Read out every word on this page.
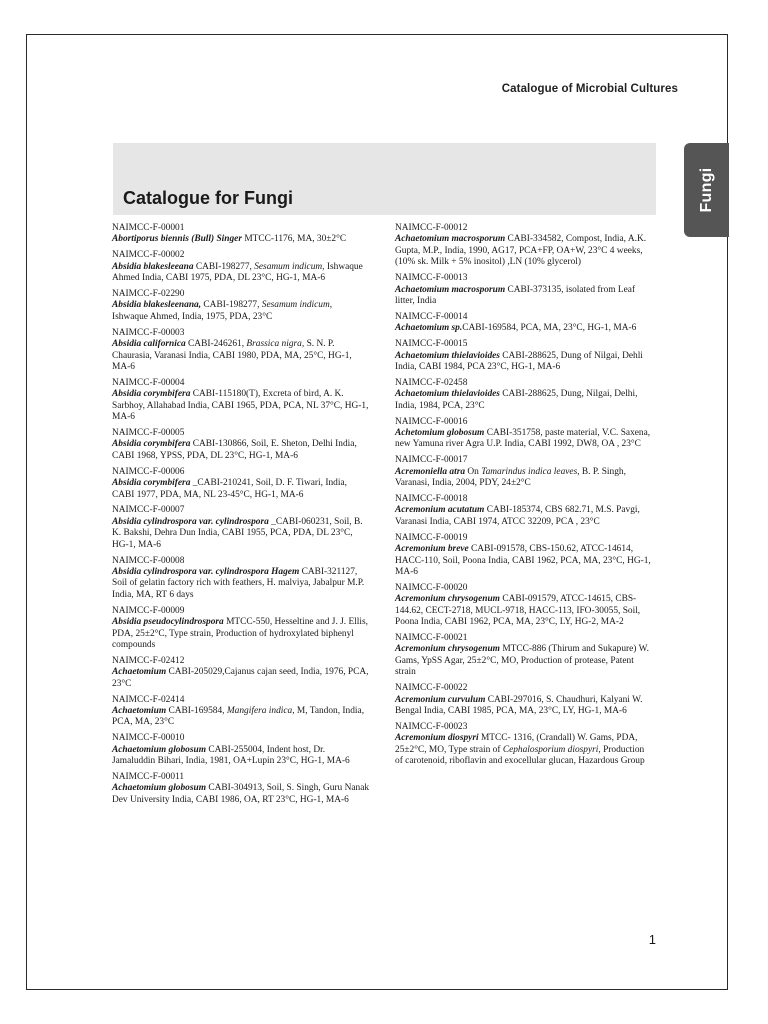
Catalogue of Microbial Cultures
Catalogue for Fungi	Fungi
NAIMCC-F-00001
Abortiporus biennis (Bull) Singer MTCC-1176, MA, 30±2°C
NAIMCC-F-00002
Absidia blakesleeana CABI-198277, Sesamum indicum, Ishwaque Ahmed India, CABI 1975, PDA, DL 23°C, HG-1, MA-6
NAIMCC-F-02290
Absidia blakesleenana, CABI-198277, Sesamum indicum, Ishwaque Ahmed, India, 1975, PDA, 23°C
NAIMCC-F-00003
Absidia californica CABI-246261, Brassica nigra, S. N. P. Chaurasia, Varanasi India, CABI 1980, PDA, MA, 25°C, HG-1, MA-6
NAIMCC-F-00004
Absidia corymbifera CABI-115180(T), Excreta of bird, A. K. Sarbhoy, Allahabad India, CABI 1965, PDA, PCA, NL 37°C, HG-1, MA-6
NAIMCC-F-00005
Absidia corymbifera CABI-130866, Soil, E. Sheton, Delhi India, CABI 1968, YPSS, PDA, DL 23°C, HG-1, MA-6
NAIMCC-F-00006
Absidia corymbifera _CABI-210241, Soil, D. F. Tiwari, India, CABI 1977, PDA, MA, NL 23-45°C, HG-1, MA-6
NAIMCC-F-00007
Absidia cylindrospora var. cylindrospora _CABI-060231, Soil, B. K. Bakshi, Dehra Dun India, CABI 1955, PCA, PDA, DL 23°C, HG-1, MA-6
NAIMCC-F-00008
Absidia cylindrospora var. cylindrospora Hagem CABI-321127, Soil of gelatin factory rich with feathers, H. malviya, Jabalpur M.P. India, MA, RT 6 days
NAIMCC-F-00009
Absidia pseudocylindrospora MTCC-550, Hesseltine and J. J. Ellis, PDA, 25±2°C, Type strain, Production of hydroxylated biphenyl compounds
NAIMCC-F-02412
Achaetomium CABI-205029,Cajanus cajan seed, India, 1976, PCA, 23°C
NAIMCC-F-02414
Achaetomium CABI-169584, Mangifera indica, M, Tandon, India, PCA, MA, 23°C
NAIMCC-F-00010
Achaetomium globosum CABI-255004, Indent host, Dr. Jamaluddin Bihari, India, 1981, OA+Lupin 23°C, HG-1, MA-6
NAIMCC-F-00011
Achaetomium globosum CABI-304913, Soil, S. Singh, Guru Nanak Dev University India, CABI 1986, OA, RT 23°C, HG-1, MA-6
NAIMCC-F-00012
Achaetomium macrosporum CABI-334582, Compost, India, A.K. Gupta, M.P., India, 1990, AG17, PCA+FP, OA+W, 23°C 4 weeks, (10% sk. Milk + 5% inositol) ,LN (10% glycerol)
NAIMCC-F-00013
Achaetomium macrosporum CABI-373135, isolated from Leaf litter, India
NAIMCC-F-00014
Achaetomium sp.CABI-169584, PCA, MA, 23°C, HG-1, MA-6
NAIMCC-F-00015
Achaetomium thielavioides CABI-288625, Dung of Nilgai, Dehli India, CABI 1984, PCA 23°C, HG-1, MA-6
NAIMCC-F-02458
Achaetomium thielavioides CABI-288625, Dung, Nilgai, Delhi, India, 1984, PCA, 23°C
NAIMCC-F-00016
Achetomium globosum CABI-351758, paste material, V.C. Saxena, new Yamuna river Agra U.P. India, CABI 1992, DW8, OA , 23°C
NAIMCC-F-00017
Acremoniella atra On Tamarindus indica leaves, B. P. Singh, Varanasi, India, 2004, PDY, 24±2°C
NAIMCC-F-00018
Acremonium acutatum CABI-185374, CBS 682.71, M.S. Pavgi, Varanasi India, CABI 1974, ATCC 32209, PCA , 23°C
NAIMCC-F-00019
Acremonium breve CABI-091578, CBS-150.62, ATCC-14614, HACC-110, Soil, Poona India, CABI 1962, PCA, MA, 23°C, HG-1, MA-6
NAIMCC-F-00020
Acremonium chrysogenum CABI-091579, ATCC-14615, CBS-144.62, CECT-2718, MUCL-9718, HACC-113, IFO-30055, Soil, Poona India, CABI 1962, PCA, MA, 23°C, LY, HG-2, MA-2
NAIMCC-F-00021
Acremonium chrysogenum MTCC-886 (Thirum and Sukapure) W. Gams, YpSS Agar, 25±2°C, MO, Production of protease, Patent strain
NAIMCC-F-00022
Acremonium curvulum CABI-297016, S. Chaudhuri, Kalyani W. Bengal India, CABI 1985, PCA, MA, 23°C, LY, HG-1, MA-6
NAIMCC-F-00023
Acremonium diospyri MTCC- 1316, (Crandall) W. Gams, PDA, 25±2°C, MO, Type strain of Cephalosporium diospyri, Production of carotenoid, riboflavin and exocellular glucan, Hazardous Group
1
